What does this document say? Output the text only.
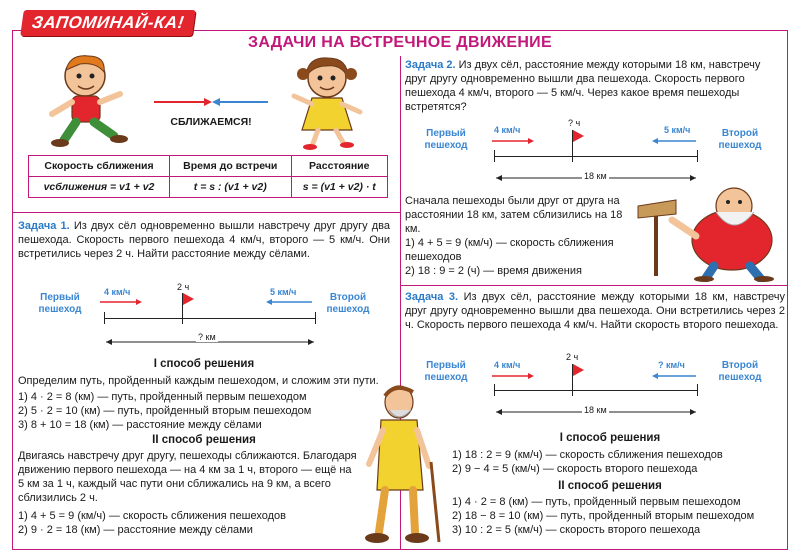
ЗАПОМИНАЙ-КА!
ЗАДАЧИ НА ВСТРЕЧНОЕ ДВИЖЕНИЕ
СБЛИЖАЕМСЯ!
Скорость сближения	Время до встречи	Расстояние
vсближения = v1 + v2	t = s : (v1 + v2)	s = (v1 + v2) · t
Задача 1. Из двух сёл одновременно вышли навстречу друг другу два пешехода. Скорость первого пешехода 4 км/ч, второго — 5 км/ч. Они встретились через 2 ч. Найти расстояние между сёлами.
Первый пешеход
Второй пешеход
4 км/ч	5 км/ч
2 ч
? км
I способ решения
Определим путь, пройденный каждым пешеходом, и сложим эти пути.
1) 4 · 2 = 8 (км) — путь, пройденный первым пешеходом
2) 5 · 2 = 10 (км) — путь, пройденный вторым пешеходом
3) 8 + 10 = 18 (км) — расстояние между сёлами
II способ решения
Двигаясь навстречу друг другу, пешеходы сближаются. Благодаря движению первого пешехода — на 4 км за 1 ч, второго — ещё на 5 км за 1 ч, каждый час пути они сближались на 9 км, а всего сблизились 2 ч.
1) 4 + 5 = 9 (км/ч) — скорость сближения пешеходов
2) 9 · 2 = 18 (км) — расстояние между сёлами
Задача 2. Из двух сёл, расстояние между которыми 18 км, навстречу друг другу одновременно вышли два пешехода. Скорость первого пешехода 4 км/ч, второго — 5 км/ч. Через какое время пешеходы встретятся?
Первый пешеход
Второй пешеход
4 км/ч	5 км/ч
? ч
18 км
Сначала пешеходы были друг от друга на расстоянии 18 км, затем сблизились на 18 км.
1) 4 + 5 = 9 (км/ч) — скорость сближения пешеходов
2) 18 : 9 = 2 (ч) — время движения
Задача 3. Из двух сёл, расстояние между которыми 18 км, навстречу друг другу одновременно вышли два пешехода. Они встретились через 2 ч. Скорость первого пешехода 4 км/ч. Найти скорость второго пешехода.
Первый пешеход
Второй пешеход
4 км/ч	? км/ч
2 ч
18 км
I способ решения
1) 18 : 2 = 9 (км/ч) — скорость сближения пешеходов
2) 9 − 4 = 5 (км/ч) — скорость второго пешехода
II способ решения
1) 4 · 2 = 8 (км) — путь, пройденный первым пешеходом
2) 18 − 8 = 10 (км) — путь, пройденный вторым пешеходом
3) 10 : 2 = 5 (км/ч) — скорость второго пешехода
